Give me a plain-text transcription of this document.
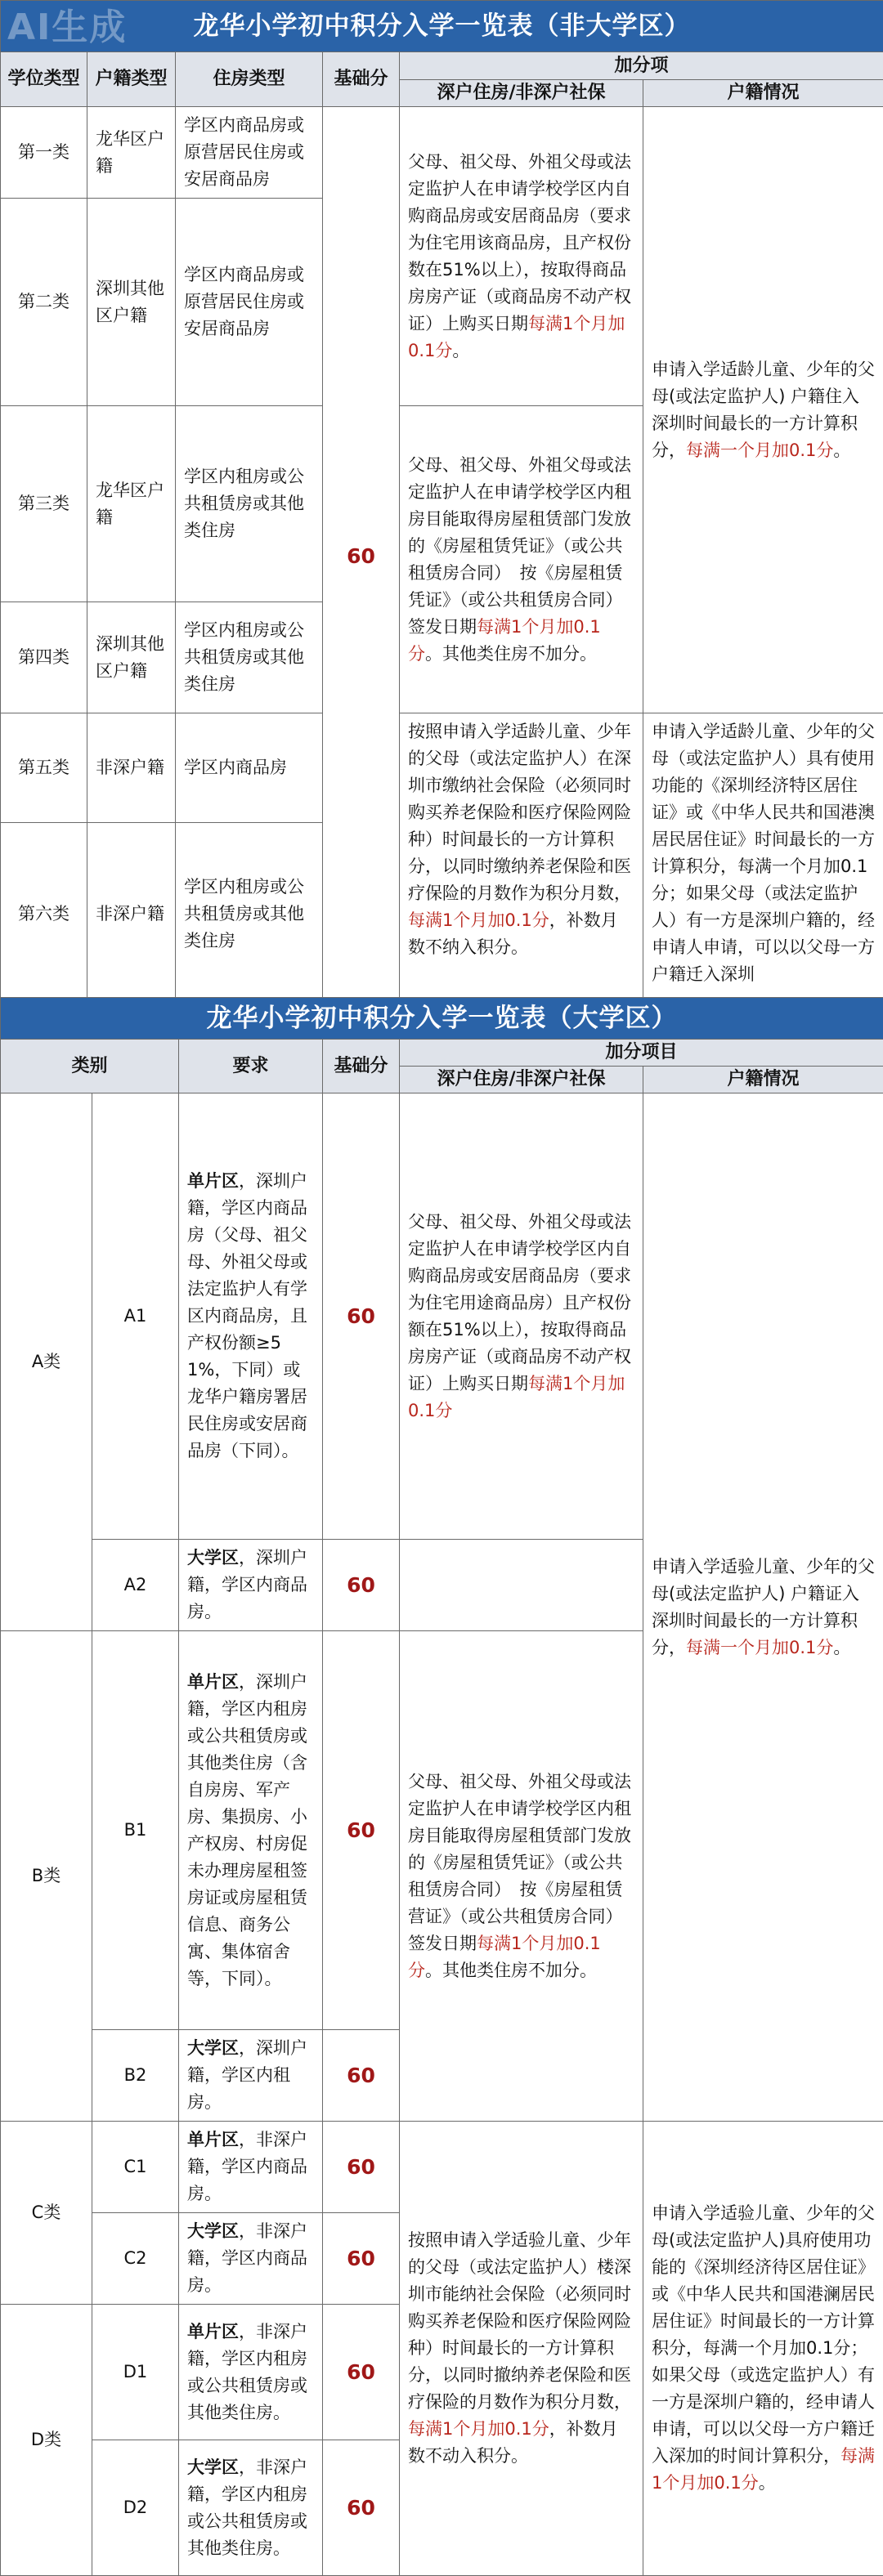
AI生成 龙华小学初中积分入学一览表（非大学区）					
学位类型	户籍类型	住房类型	基础分	加分项	
				深户住房/非深户社保	户籍情况
第一类	龙华区户籍	学区内商品房或原营居民住房或安居商品房	60	父母、祖父母、外祖父母或法定监护人在申请学校学区内自购商品房或安居商品房（要求为住宅用该商品房，且产权份数在51%以上），按取得商品房房产证（或商品房不动产权证）上购买日期每满1个月加0.1分。	申请入学适龄儿童、少年的父母(或法定监护人) 户籍住入深圳时间最长的一方计算积分，每满一个月加0.1分。
第二类	深圳其他区户籍	学区内商品房或原营居民住房或安居商品房			
第三类	龙华区户籍	学区内租房或公共租赁房或其他类住房		父母、祖父母、外祖父母或法定监护人在申请学校学区内租房目能取得房屋租赁部门发放的《房屋租赁凭证》（或公共租赁房合同）　按《房屋租赁凭证》（或公共租赁房合同）签发日期每满1个月加0.1分。其他类住房不加分。	
第四类	深圳其他区户籍	学区内租房或公共租赁房或其他类住房			
第五类	非深户籍	学区内商品房		按照申请入学适龄儿童、少年的父母（或法定监护人）在深圳市缴纳社会保险（必须同时购买养老保险和医疗保险网险种）时间最长的一方计算积分，以同时缴纳养老保险和医疗保险的月数作为积分月数，每满1个月加0.1分，补数月数不纳入积分。	申请入学适龄儿童、少年的父母（或法定监护人）具有使用功能的《深圳经济特区居住证》或《中华人民共和国港澳居民居住证》时间最长的一方计算积分，每满一个月加0.1分；如果父母（或法定监护人）有一方是深圳户籍的，经申请人申请，可以以父母一方户籍迁入深圳
第六类	非深户籍	学区内租房或公共租赁房或其他类住房			
龙华小学初中积分入学一览表（大学区）					
类别		要求	基础分	加分项目	
				深户住房/非深户社保	户籍情况
A类	A1	单片区，深圳户籍，学区内商品房（父母、祖父母、外祖父母或法定监护人有学区内商品房，且产权份额≥51%，下同）或龙华户籍房署居民住房或安居商品房（下同）。	60	父母、祖父母、外祖父母或法定监护人在申请学校学区内自购商品房或安居商品房（要求为住宅用途商品房）且产权份额在51%以上），按取得商品房房产证（或商品房不动产权证）上购买日期每满1个月加0.1分	申请入学适验儿童、少年的父母(或法定监护人) 户籍证入深圳时间最长的一方计算积分，每满一个月加0.1分。
	A2	大学区，深圳户籍，学区内商品房。	60		
B类	B1	单片区，深圳户籍，学区内租房或公共租赁房或其他类住房（含自房房、军产房、集损房、小产权房、村房促未办理房屋租签房证或房屋租赁信息、商务公寓、集体宿舍等，下同）。	60	父母、祖父母、外祖父母或法定监护人在申请学校学区内租房目能取得房屋租赁部门发放的《房屋租赁凭证》（或公共租赁房合同）　按《房屋租赁营证》（或公共租赁房合同）签发日期每满1个月加0.1分。其他类住房不加分。	
	B2	大学区，深圳户籍，学区内租房。	60		
C类	C1	单片区，非深户籍，学区内商品房。	60	按照申请入学适验儿童、少年的父母（或法定监护人）楼深圳市能纳社会保险（必须同时购买养老保险和医疗保险网险种）时间最长的一方计算积分，以同时撤纳养老保险和医疗保险的月数作为积分月数，每满1个月加0.1分，补数月数不动入积分。	申请入学适验儿童、少年的父母(或法定监护人)具府使用功能的《深圳经济待区居住证》或《中华人民共和国港澜居民居住证》时间最长的一方计算积分，每满一个月加0.1分；如果父母（或选定监护人）有一方是深圳户籍的，经申请人申请，可以以父母一方户籍迁入深加的时间计算积分，每满1个月加0.1分。
	C2	大学区，非深户籍，学区内商品房。	60		
D类	D1	单片区，非深户籍，学区内租房或公共租赁房或其他类住房。	60		
	D2	大学区，非深户籍，学区内租房或公共租赁房或其他类住房。	60		
